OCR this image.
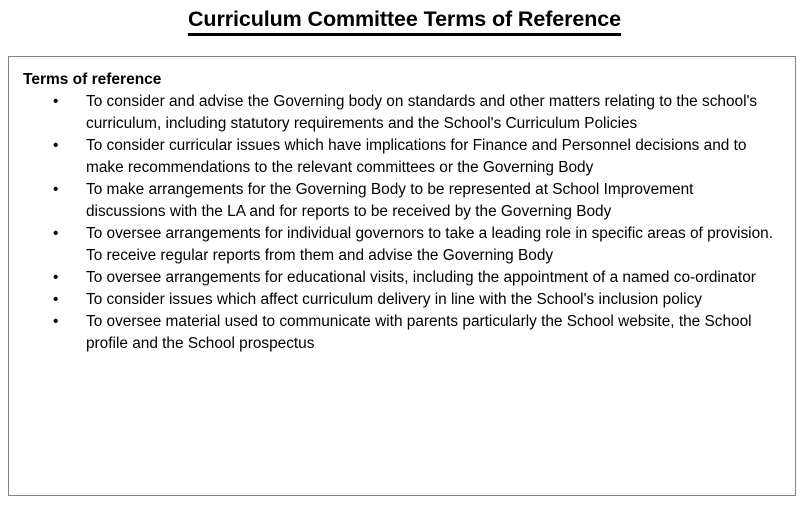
Curriculum Committee Terms of Reference
Terms of reference
• To consider and advise the Governing body on standards and other matters relating to the school's curriculum, including statutory requirements and the School's Curriculum Policies
• To consider curricular issues which have implications for Finance and Personnel decisions and to make recommendations to the relevant committees or the Governing Body
• To make arrangements for the Governing Body to be represented at School Improvement discussions with the LA and for reports to be received by the Governing Body
• To oversee arrangements for individual governors to take a leading role in specific areas of provision. To receive regular reports from them and advise the Governing Body
• To oversee arrangements for educational visits, including the appointment of a named co-ordinator
• To consider issues which affect curriculum delivery in line with the School's inclusion policy
• To oversee material used to communicate with parents particularly the School website, the School profile and the School prospectus
